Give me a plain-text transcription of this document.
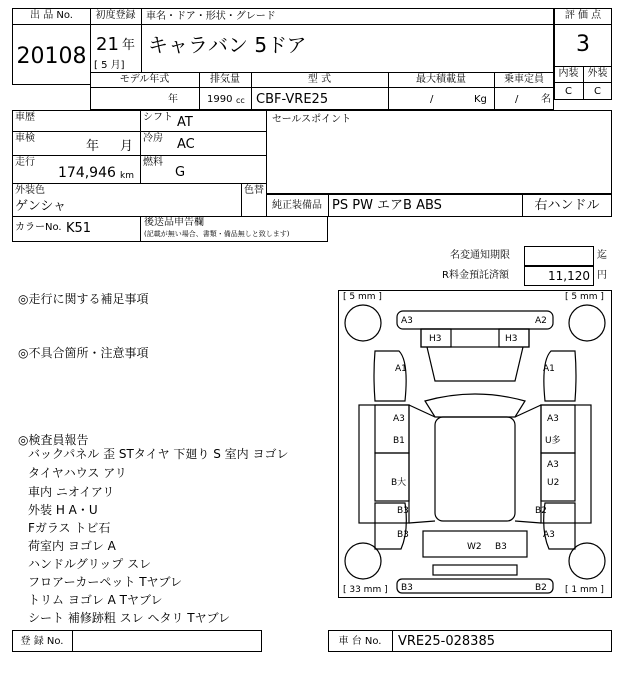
出 品 No.
20108
初度登録	車名・ドア・形状・グレード
21 年
[ 5 月]
キャラバン 5ドア
評 価 点
3
内装 外装
C	C
モデル年式	排気量	型 式	最大積載量	乗車定員
年	1990 cc CBF-VRE25	/	Kg	/ 名
車歴	シフト AT
車検
年 月
冷房 AC
走行
174,946 km
燃料
G
外装色
ゲンシャ
色替
カラーNo. K51	後送品申告欄
(記載が無い場合、書類・備品無しと致します)
セールスポイント
純正装備品 PS PW エアB ABS	右ハンドル
名変通知期限	迄
R料金預託済額	11,120 円
◎走行に関する補足事項
◎不具合箇所・注意事項
◎検査員報告
バックパネル 歪 STタイヤ 下廻り S 室内 ヨゴレ
タイヤハウス アリ
車内 ニオイアリ
外装 H A・U
Fガラス トビ石
荷室内 ヨゴレ A
ハンドルグリップ スレ
フロアーカーペット Tヤブレ
トリム ヨゴレ A Tヤブレ
シート 補修跡粗 スレ ヘタリ Tヤブレ
[ 5 mm ]	[ 5 mm ]
[ 33 mm ]	[ 1 mm ]
A3	A2
H3	H3
A1	A1
A3
B1
A3
U多
A3
U2
B大
B3
B3
B2
A3
W2 B3
B3	B2
登 録 No.	車 台 No.	VRE25-028385
